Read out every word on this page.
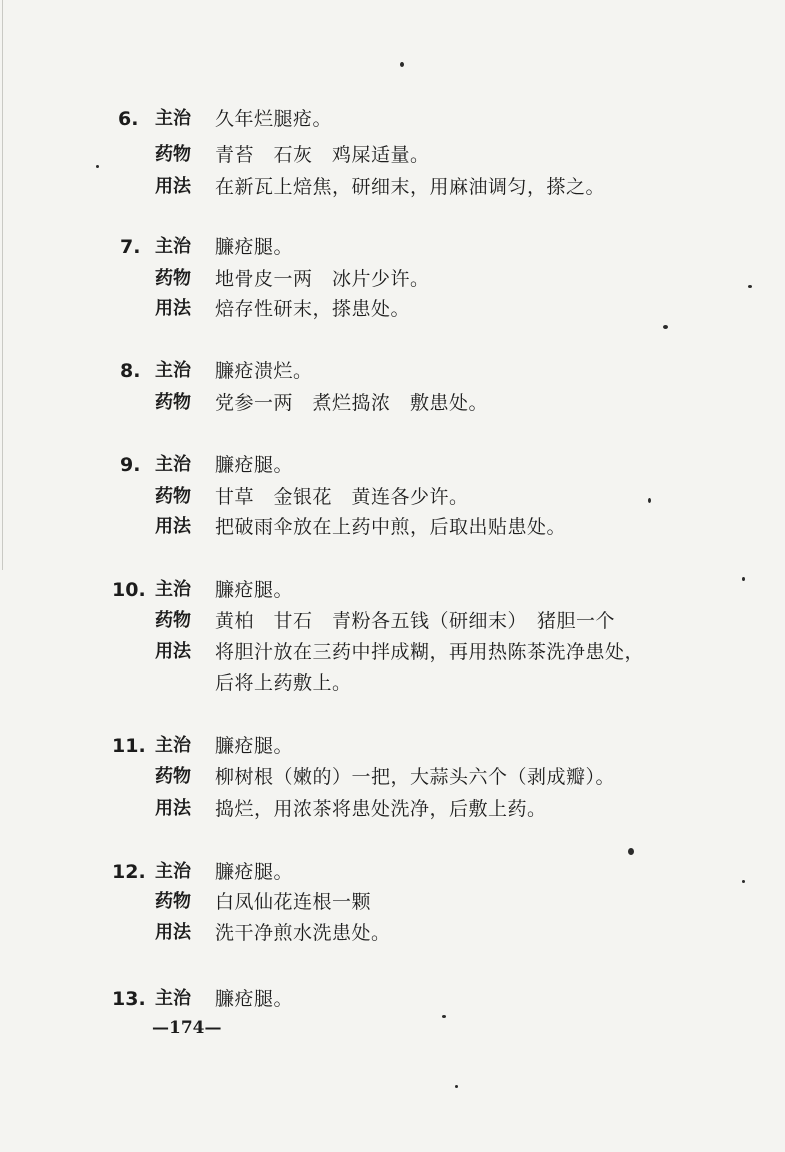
6. 主治 久年烂腿疮。
药物 青苔　石灰　鸡屎适量。
用法 在新瓦上焙焦，研细末，用麻油调匀，搽之。
7. 主治 臁疮腿。
药物 地骨皮一两　冰片少许。
用法 焙存性研末，搽患处。
8. 主治 臁疮溃烂。
药物 党参一两　煮烂捣浓　敷患处。
9. 主治 臁疮腿。
药物 甘草　金银花　黄连各少许。
用法 把破雨伞放在上药中煎，后取出贴患处。
10. 主治 臁疮腿。
药物 黄柏　甘石　青粉各五钱（研细末）　猪胆一个
用法 将胆汁放在三药中拌成糊，再用热陈茶洗净患处，
后将上药敷上。
11. 主治 臁疮腿。
药物 柳树根（嫩的）一把，大蒜头六个（剥成瓣）。
用法 捣烂，用浓茶将患处洗净，后敷上药。
12. 主治 臁疮腿。
药物 白凤仙花连根一颗
用法 洗干净煎水洗患处。
13. 主治 臁疮腿。
—174—
